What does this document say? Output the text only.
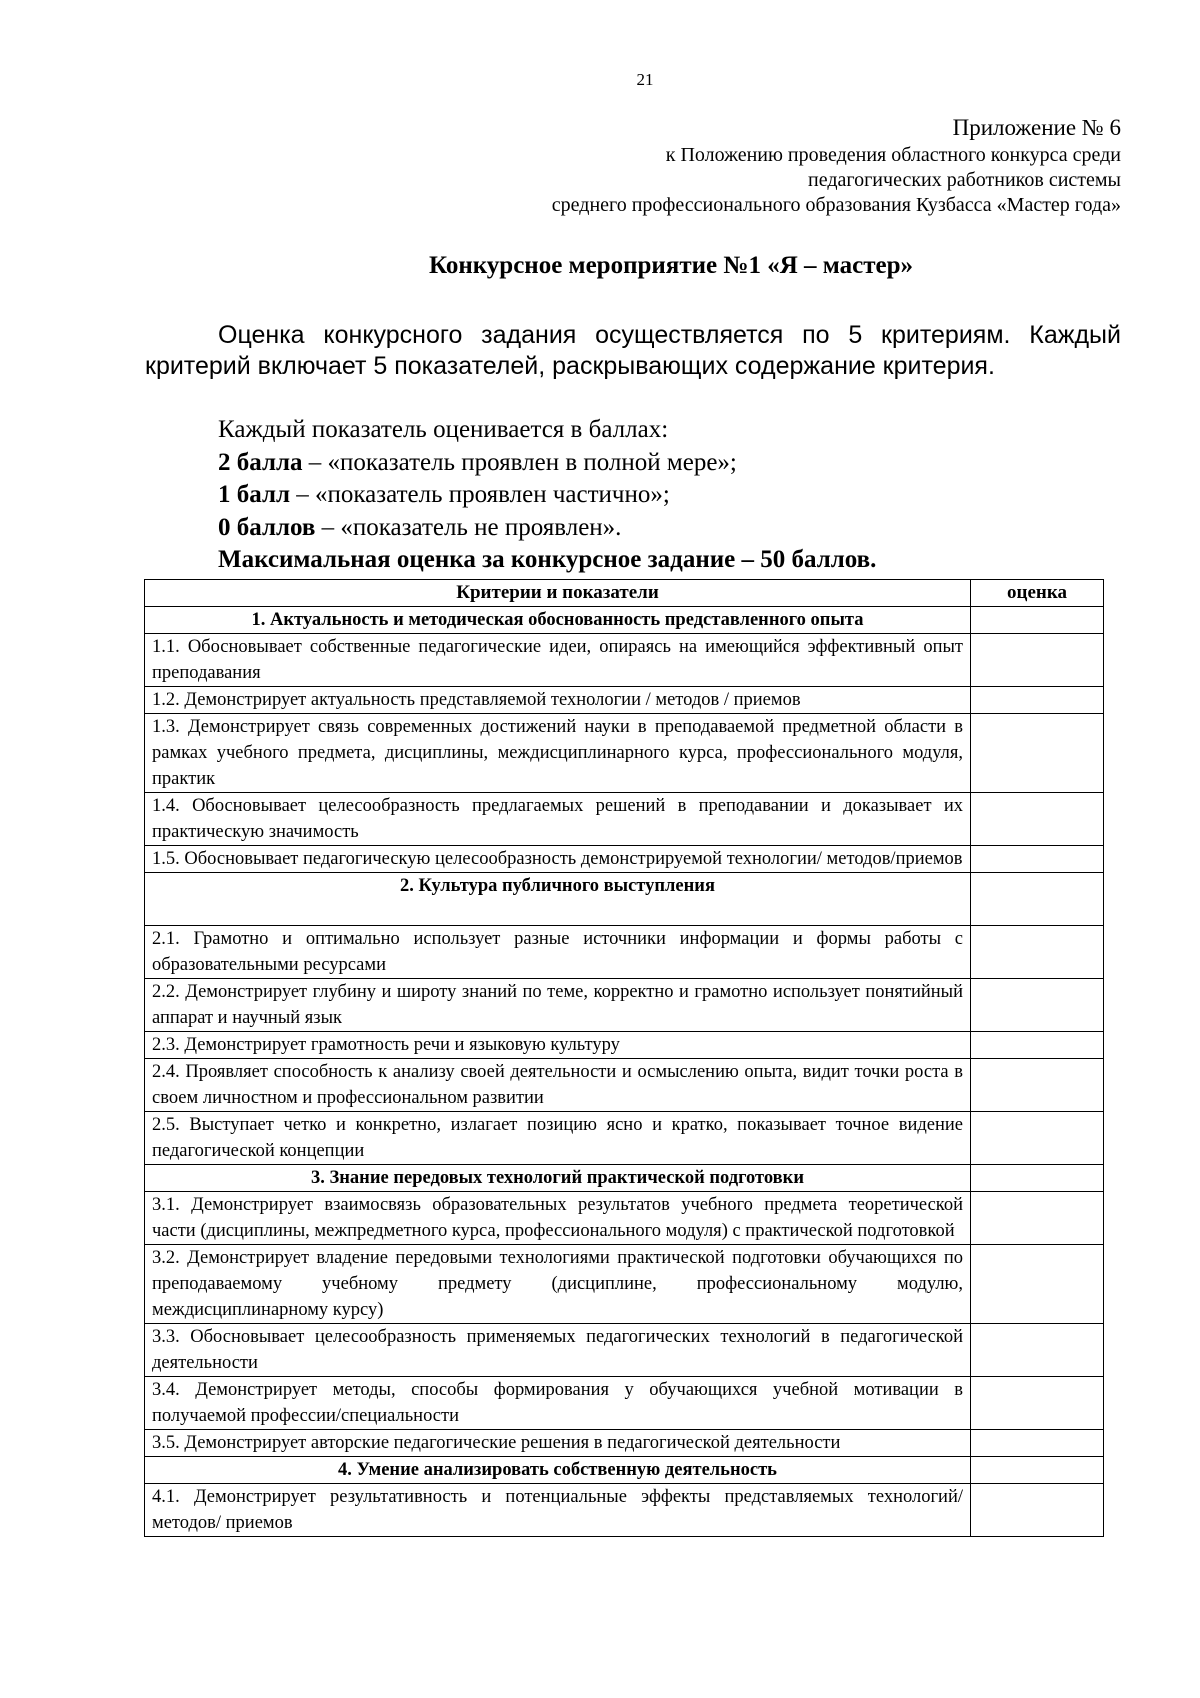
21
Приложение № 6
к Положению проведения областного конкурса среди
педагогических работников системы
среднего профессионального образования Кузбасса «Мастер года»
Конкурсное мероприятие №1 «Я – мастер»

Оценка конкурсного задания осуществляется по 5 критериям. Каждый критерий включает 5 показателей, раскрывающих содержание критерия.

Каждый показатель оценивается в баллах:
2 балла – «показатель проявлен в полной мере»;
1 балл – «показатель проявлен частично»;
0 баллов – «показатель не проявлен».
Максимальная оценка за конкурсное задание – 50 баллов.
Критерии и показатели	оценка
1. Актуальность и методическая обоснованность представленного опыта	
1.1. Обосновывает собственные педагогические идеи, опираясь на имеющийся эффективный опыт преподавания	
1.2. Демонстрирует актуальность представляемой технологии / методов / приемов	
1.3. Демонстрирует связь современных достижений науки в преподаваемой предметной области в рамках учебного предмета, дисциплины, междисциплинарного курса, профессионального модуля, практик	
1.4. Обосновывает целесообразность предлагаемых решений в преподавании и доказывает их практическую значимость	
1.5. Обосновывает педагогическую целесообразность демонстрируемой технологии/ методов/приемов	
2. Культура публичного выступления	
2.1. Грамотно и оптимально использует разные источники информации и формы работы с образовательными ресурсами	
2.2. Демонстрирует глубину и широту знаний по теме, корректно и грамотно использует понятийный аппарат и научный язык	
2.3. Демонстрирует грамотность речи и языковую культуру	
2.4. Проявляет способность к анализу своей деятельности и осмыслению опыта, видит точки роста в своем личностном и профессиональном развитии	
2.5. Выступает четко и конкретно, излагает позицию ясно и кратко, показывает точное видение педагогической концепции	
3. Знание передовых технологий практической подготовки	
3.1. Демонстрирует взаимосвязь образовательных результатов учебного предмета теоретической части (дисциплины, межпредметного курса, профессионального модуля) с практической подготовкой	
3.2. Демонстрирует владение передовыми технологиями практической подготовки обучающихся по преподаваемому учебному предмету (дисциплине, профессиональному модулю, междисциплинарному курсу)	
3.3. Обосновывает целесообразность применяемых педагогических технологий в педагогической деятельности	
3.4. Демонстрирует методы, способы формирования у обучающихся учебной мотивации в получаемой профессии/специальности	
3.5. Демонстрирует авторские педагогические решения в педагогической деятельности	
4. Умение анализировать собственную деятельность	
4.1. Демонстрирует результативность и потенциальные эффекты представляемых технологий/ методов/ приемов	
